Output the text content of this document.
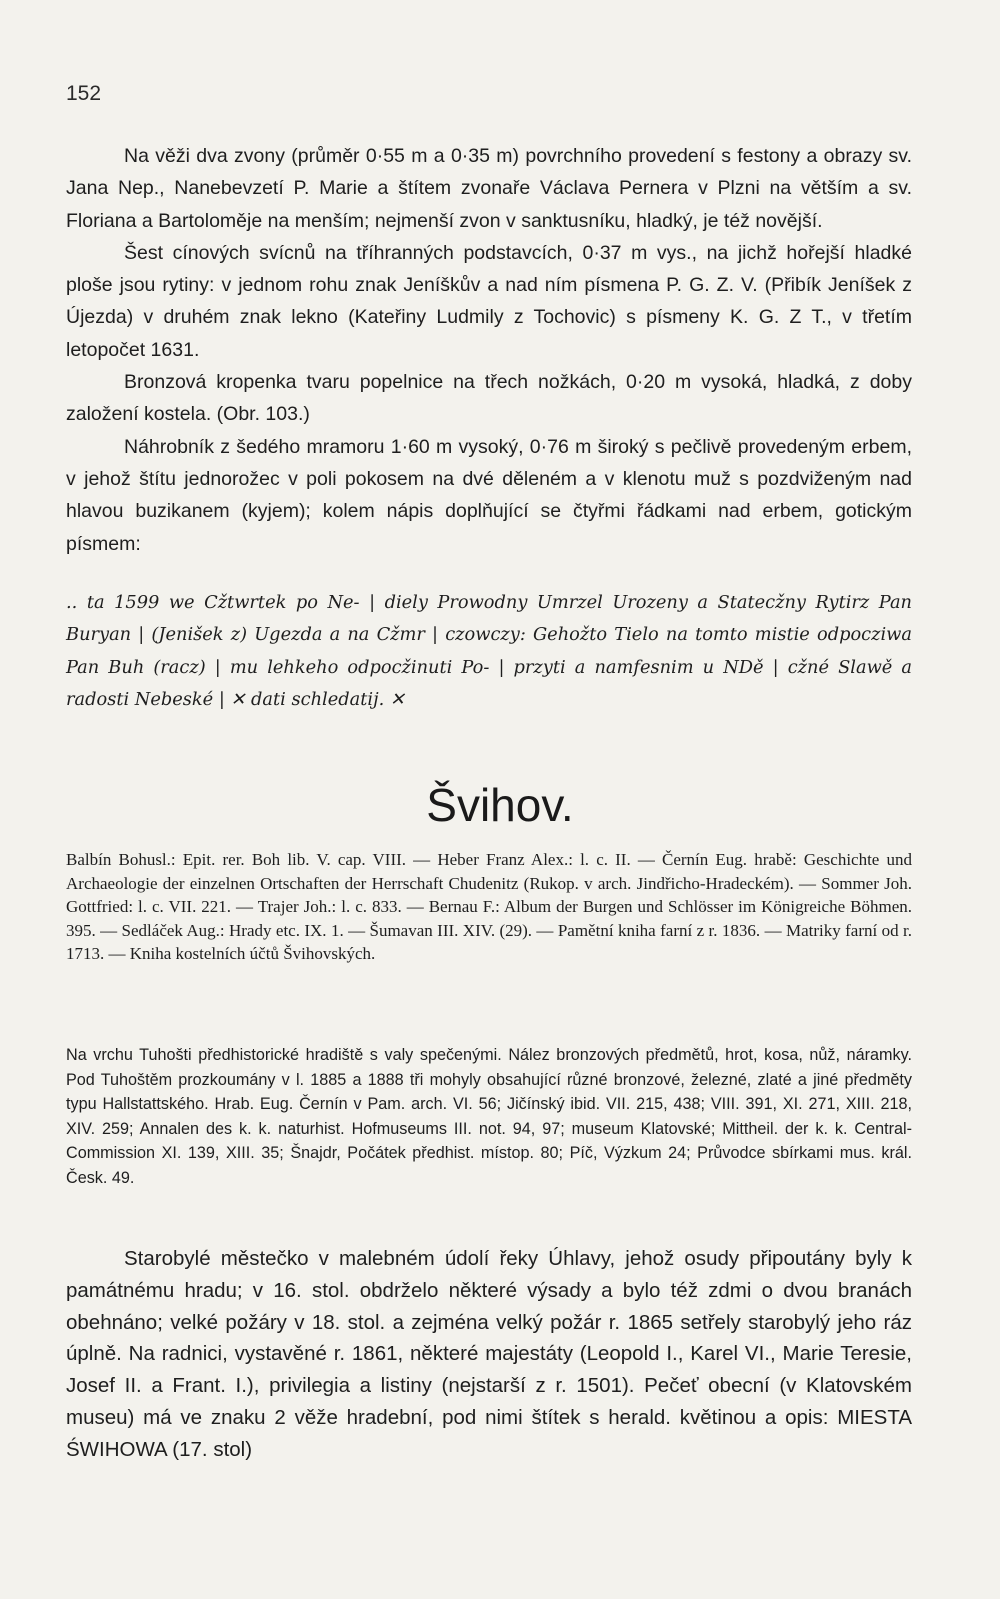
152

Na věži dva zvony (průměr 0·55 m a 0·35 m) povrchního provedení s festony a obrazy sv. Jana Nep., Nanebevzetí P. Marie a štítem zvonaře Václava Pernera v Plzni na větším a sv. Floriana a Bartoloměje na menším; nejmenší zvon v sanktusníku, hladký, je též novější.

Šest cínových svícnů na tříhranných podstavcích, 0·37 m vys., na jichž hořejší hladké ploše jsou rytiny: v jednom rohu znak Jeníškův a nad ním písmena P. G. Z. V. (Přibík Jeníšek z Újezda) v druhém znak lekno (Kateřiny Ludmily z Tochovic) s písmeny K. G. Z T., v třetím letopočet 1631.

Bronzová kropenka tvaru popelnice na třech nožkách, 0·20 m vysoká, hladká, z doby založení kostela. (Obr. 103.)

Náhrobník z šedého mramoru 1·60 m vysoký, 0·76 m široký s pečlivě provedeným erbem, v jehož štítu jednorožec v poli pokosem na dvé děleném a v klenotu muž s pozdviženým nad hlavou buzikanem (kyjem); kolem nápis doplňující se čtyřmi řádkami nad erbem, gotickým písmem:

.. ta 1599 we Cžtwrtek po Ne- | diely Prowodny Umrzel Urozeny a Statecžny Rytirz Pan Buryan | (Jenišek z) Ugezda a na Cžmr | czowczy: Gehožto Tielo na tomto mistie odpocziwa Pan Buh (racz) | mu lehkeho odpocžinuti Po- | przyti a namfesnim u NDě | cžné Slawě a radosti Nebeské | ✕ dati schledatij. ✕
Švihov.
Balbín Bohusl.: Epit. rer. Boh lib. V. cap. VIII. — Heber Franz Alex.: l. c. II. — Černín Eug. hrabě: Geschichte und Archaeologie der einzelnen Ortschaften der Herrschaft Chudenitz (Rukop. v arch. Jindřicho-Hradeckém). — Sommer Joh. Gottfried: l. c. VII. 221. — Trajer Joh.: l. c. 833. — Bernau F.: Album der Burgen und Schlösser im Königreiche Böhmen. 395. — Sedláček Aug.: Hrady etc. IX. 1. — Šumavan III. XIV. (29). — Pamětní kniha farní z r. 1836. — Matriky farní od r. 1713. — Kniha kostelních účtů Švihovských.
Na vrchu Tuhošti předhistorické hradiště s valy spečenými. Nález bronzových předmětů, hrot, kosa, nůž, náramky. Pod Tuhoštěm prozkoumány v l. 1885 a 1888 tři mohyly obsahující různé bronzové, železné, zlaté a jiné předměty typu Hallstattského. Hrab. Eug. Černín v Pam. arch. VI. 56; Jičínský ibid. VII. 215, 438; VIII. 391, XI. 271, XIII. 218, XIV. 259; Annalen des k. k. naturhist. Hofmuseums III. not. 94, 97; museum Klatovské; Mittheil. der k. k. Central-Commission XI. 139, XIII. 35; Šnajdr, Počátek předhist. místop. 80; Píč, Výzkum 24; Průvodce sbírkami mus. král. Česk. 49.
Starobylé městečko v malebném údolí řeky Úhlavy, jehož osudy připoutány byly k památnému hradu; v 16. stol. obdrželo některé výsady a bylo též zdmi o dvou branách obehnáno; velké požáry v 18. stol. a zejména velký požár r. 1865 setřely starobylý jeho ráz úplně. Na radnici, vystavěné r. 1861, některé majestáty (Leopold I., Karel VI., Marie Teresie, Josef II. a Frant. I.), privilegia a listiny (nejstarší z r. 1501). Pečeť obecní (v Klatovském museu) má ve znaku 2 věže hradební, pod nimi štítek s herald. květinou a opis: MIESTA ŚWIHOWA (17. stol)
